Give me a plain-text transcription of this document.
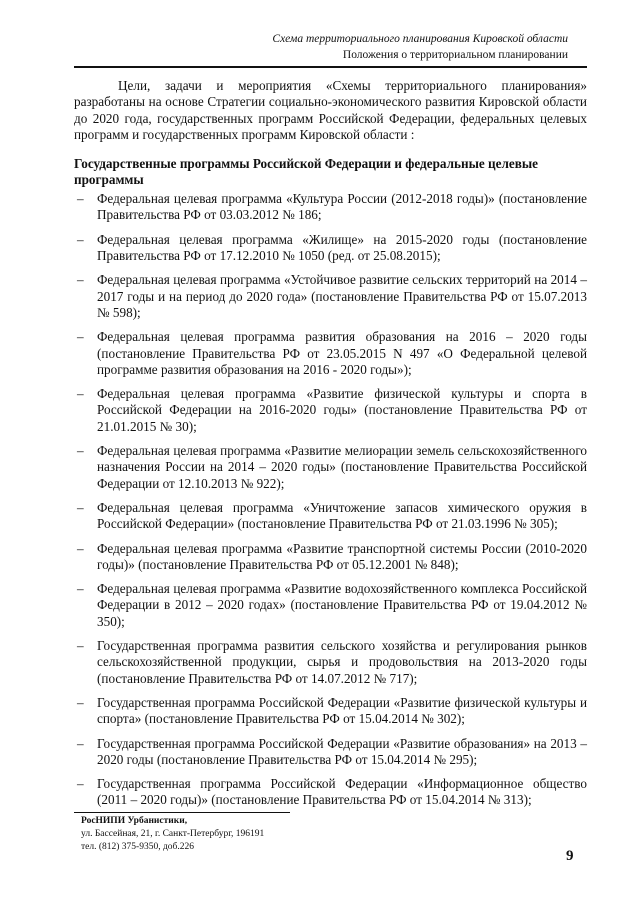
Схема территориального планирования Кировской области
Положения о территориальном планировании

Цели, задачи и мероприятия «Схемы территориального планирования» разработаны на основе Стратегии социально-экономического развития Кировской области до 2020 года, государственных программ Российской Федерации, федеральных целевых программ и государственных программ Кировской области :

Государственные программы Российской Федерации и федеральные целевые программы
– Федеральная целевая программа «Культура России (2012-2018 годы)» (постановление Правительства РФ от 03.03.2012 № 186;
– Федеральная целевая программа «Жилище» на 2015-2020 годы (постановление Правительства РФ от 17.12.2010 № 1050 (ред. от 25.08.2015);
– Федеральная целевая программа «Устойчивое развитие сельских территорий на 2014 – 2017 годы и на период до 2020 года» (постановление Правительства РФ от 15.07.2013 № 598);
– Федеральная целевая программа развития образования на 2016 – 2020 годы (постановление Правительства РФ от 23.05.2015 N 497 «О Федеральной целевой программе развития образования на 2016 - 2020 годы»);
– Федеральная целевая программа «Развитие физической культуры и спорта в Российской Федерации на 2016-2020 годы» (постановление Правительства РФ от 21.01.2015 № 30);
– Федеральная целевая программа «Развитие мелиорации земель сельскохозяйственного назначения России на 2014 – 2020 годы» (постановление Правительства Российской Федерации от 12.10.2013 № 922);
– Федеральная целевая программа «Уничтожение запасов химического оружия в Российской Федерации» (постановление Правительства РФ от 21.03.1996 № 305);
– Федеральная целевая программа «Развитие транспортной системы России (2010-2020 годы)» (постановление Правительства РФ от 05.12.2001 № 848);
– Федеральная целевая программа «Развитие водохозяйственного комплекса Российской Федерации в 2012 – 2020 годах» (постановление Правительства РФ от 19.04.2012 № 350);
– Государственная программа развития сельского хозяйства и регулирования рынков сельскохозяйственной продукции, сырья и продовольствия на 2013-2020 годы (постановление Правительства РФ от 14.07.2012 № 717);
– Государственная программа Российской Федерации «Развитие физической культуры и спорта» (постановление Правительства РФ от 15.04.2014 № 302);
– Государственная программа Российской Федерации «Развитие образования» на 2013 – 2020 годы (постановление Правительства РФ от 15.04.2014 № 295);
– Государственная программа Российской Федерации «Информационное общество (2011 – 2020 годы)» (постановление Правительства РФ от 15.04.2014 № 313);
РосНИПИ Урбанистики,
ул. Бассейная, 21, г. Санкт-Петербург, 196191
тел. (812) 375-9350, доб.226
9
